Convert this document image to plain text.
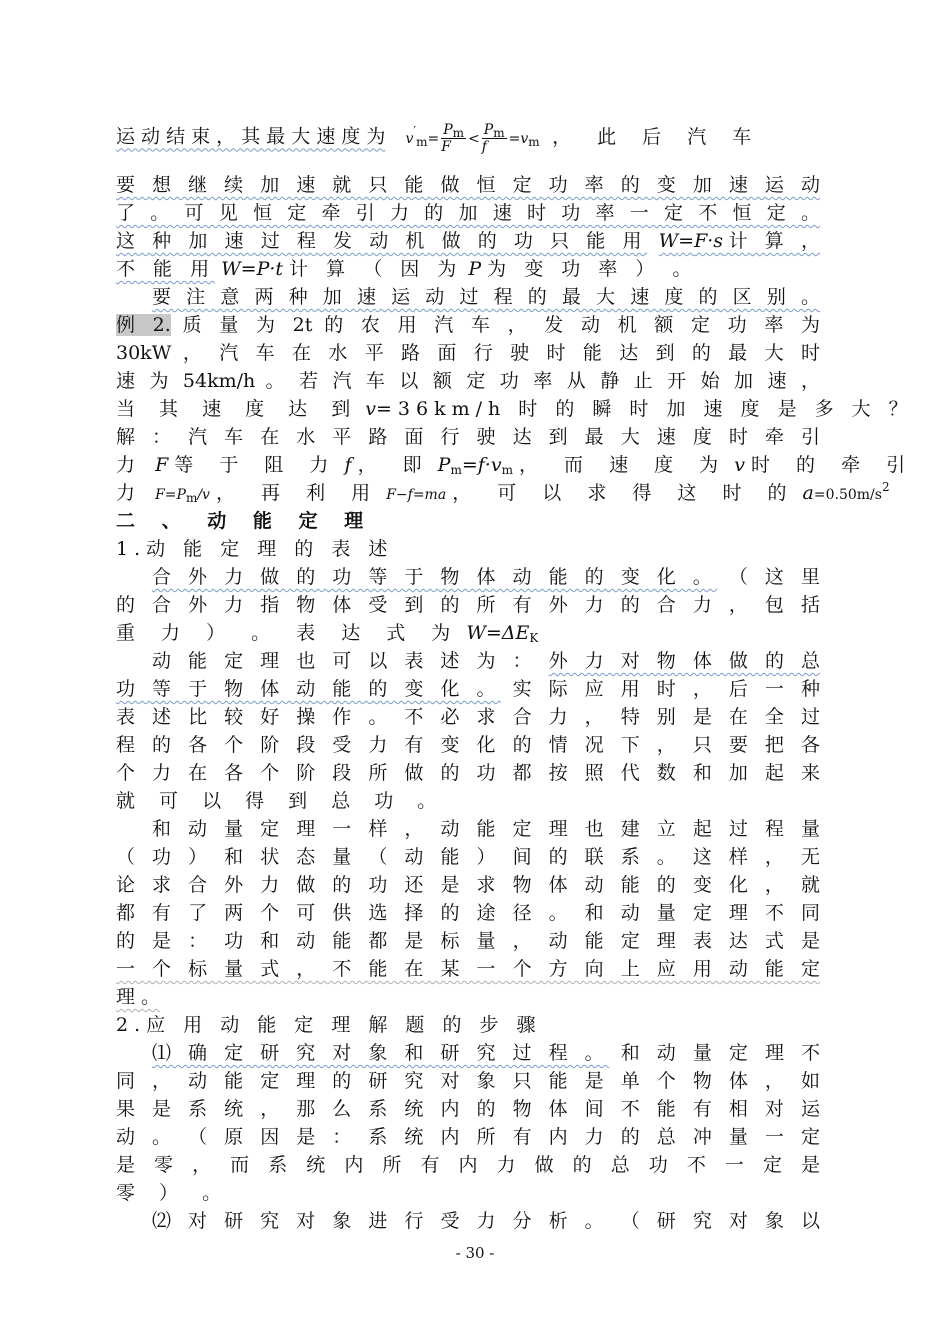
运 动 结 束 ， 其 最 大 速 度 为 $v'_m= \frac{P_m}{F} < \frac{P_m}{f} =v_m$ ， 此 后 汽 车
要 想 继 续 加 速 就 只 能 做 恒 定 功 率 的 变 加 速 运 动
了 。 可 见 恒 定 牵 引 力 的 加 速 时 功 率 一 定 不 恒 定 。
这 种 加 速 过 程 发 动 机 做 的 功 只 能 用 W=F·s计 算 ，
不 能 用 W=P·t 计 算 （ 因 为 P 为 变 功 率 ） 。
要 注 意 两 种 加 速 运 动 过 程 的 最 大 速 度 的 区 别 。
例 2. 质 量 为 2t 的 农 用 汽 车 ， 发 动 机 额 定 功 率 为
30kW ， 汽 车 在 水 平 路 面 行 驶 时 能 达 到 的 最 大 时
速 为 54km/h 。 若 汽 车 以 额 定 功 率 从 静 止 开 始 加 速 ，
当 其 速 度 达 到 v=36km/h 时 的 瞬 时 加 速 度 是 多 大 ？
解 ： 汽 车 在 水 平 路 面 行 驶 达 到 最 大 速 度 时 牵 引
力 F 等 于 阻 力 f ， 即 $P_m=f\cdot v_m$ ， 而 速 度 为 v 时 的 牵 引
力 $F=P_m/v$ ， 再 利 用 F−f=ma ， 可 以 求 得 这 时 的 $a=0.50m/s^2$
二 、 动 能 定 理
1.动 能 定 理 的 表 述
合 外 力 做 的 功 等 于 物 体 动 能 的 变 化 。 （ 这 里
的 合 外 力 指 物 体 受 到 的 所 有 外 力 的 合 力 ， 包 括
重 力 ） 。 表 达 式 为 $W=\Delta E_K$
动 能 定 理 也 可 以 表 述 为 ： 外 力 对 物 体 做 的 总
功 等 于 物 体 动 能 的 变 化 。 实 际 应 用 时 ， 后 一 种
表 述 比 较 好 操 作 。 不 必 求 合 力 ， 特 别 是 在 全 过
程 的 各 个 阶 段 受 力 有 变 化 的 情 况 下 ， 只 要 把 各
个 力 在 各 个 阶 段 所 做 的 功 都 按 照 代 数 和 加 起 来
就 可 以 得 到 总 功 。
和 动 量 定 理 一 样 ， 动 能 定 理 也 建 立 起 过 程 量
（ 功 ） 和 状 态 量 （ 动 能 ） 间 的 联 系 。 这 样 ， 无
论 求 合 外 力 做 的 功 还 是 求 物 体 动 能 的 变 化 ， 就
都 有 了 两 个 可 供 选 择 的 途 径 。 和 动 量 定 理 不 同
的 是 ： 功 和 动 能 都 是 标 量 ， 动 能 定 理 表 达 式 是
一 个 标 量 式 ， 不 能 在 某 一 个 方 向 上 应 用 动 能 定
理 。
2.应 用 动 能 定 理 解 题 的 步 骤
⑴ 确 定 研 究 对 象 和 研 究 过 程 。 和 动 量 定 理 不
同 ， 动 能 定 理 的 研 究 对 象 只 能 是 单 个 物 体 ， 如
果 是 系 统 ， 那 么 系 统 内 的 物 体 间 不 能 有 相 对 运
动 。 （ 原 因 是 ： 系 统 内 所 有 内 力 的 总 冲 量 一 定
是 零 ， 而 系 统 内 所 有 内 力 做 的 总 功 不 一 定 是
零 ） 。
⑵ 对 研 究 对 象 进 行 受 力 分 析 。 （ 研 究 对 象 以
- 30 -
